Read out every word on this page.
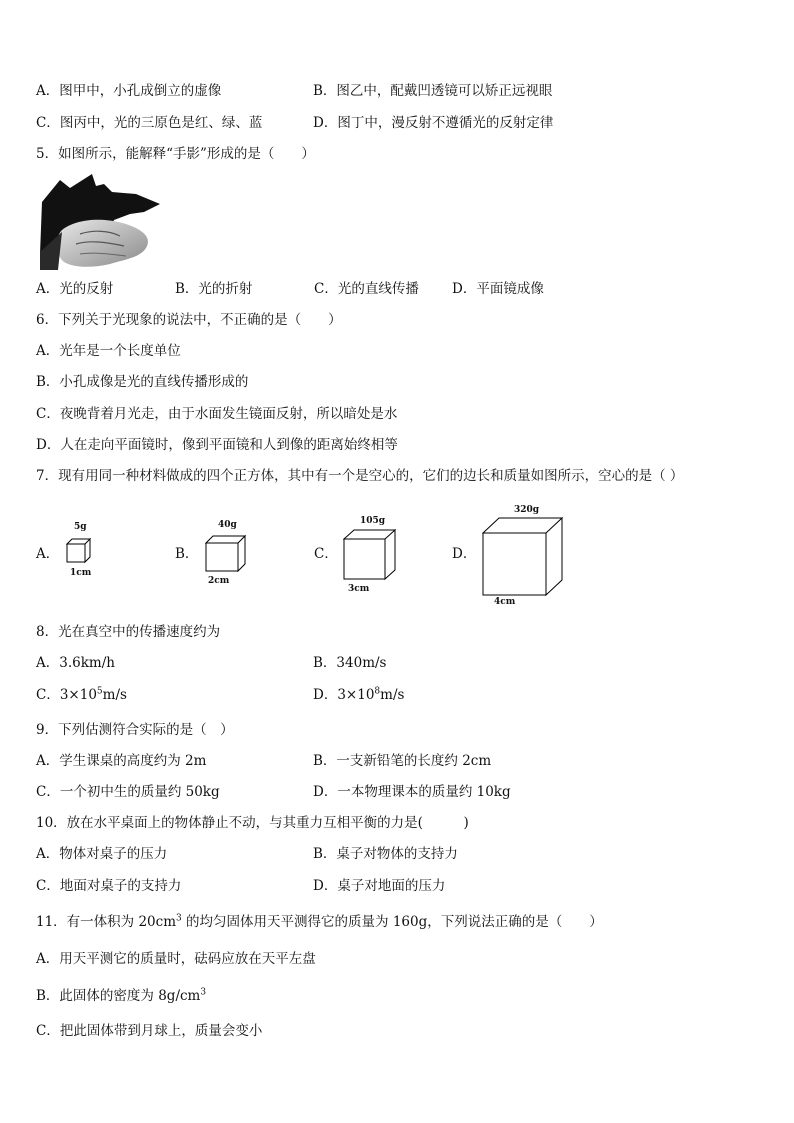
A．图甲中，小孔成倒立的虚像	B．图乙中，配戴凹透镜可以矫正远视眼
C．图丙中，光的三原色是红、绿、蓝	D．图丁中，漫反射不遵循光的反射定律
5．如图所示，能解释“手影”形成的是（　　）
A．光的反射	B．光的折射	C．光的直线传播 D．平面镜成像
6．下列关于光现象的说法中，不正确的是（　　）
A．光年是一个长度单位
B．小孔成像是光的直线传播形成的
C．夜晚背着月光走，由于水面发生镜面反射，所以暗处是水
D．人在走向平面镜时，像到平面镜和人到像的距离始终相等
7．现有用同一种材料做成的四个正方体，其中有一个是空心的，它们的边长和质量如图所示，空心的是（ ）
A．
5g
1cm
B．
40g
2cm
C．
105g
3cm
D．
320g
4cm
8．光在真空中的传播速度约为
A．3.6km/h	B．340m/s
C．$3\times 10^5m/s$	D．$3\times 10^8m/s$
9．下列估测符合实际的是（　）
A．学生课桌的高度约为 2m	B．一支新铅笔的长度约 2cm
C．一个初中生的质量约 50kg	D．一本物理课本的质量约 10kg
10．放在水平桌面上的物体静止不动，与其重力互相平衡的力是(　　　)
A．物体对桌子的压力	B．桌子对物体的支持力
C．地面对桌子的支持力	D．桌子对地面的压力
11．有一体积为 $20cm^3$ 的均匀固体用天平测得它的质量为 160g，下列说法正确的是（　　）
A．用天平测它的质量时，砝码应放在天平左盘
B．此固体的密度为 $8g/cm^3$
C．把此固体带到月球上，质量会变小
